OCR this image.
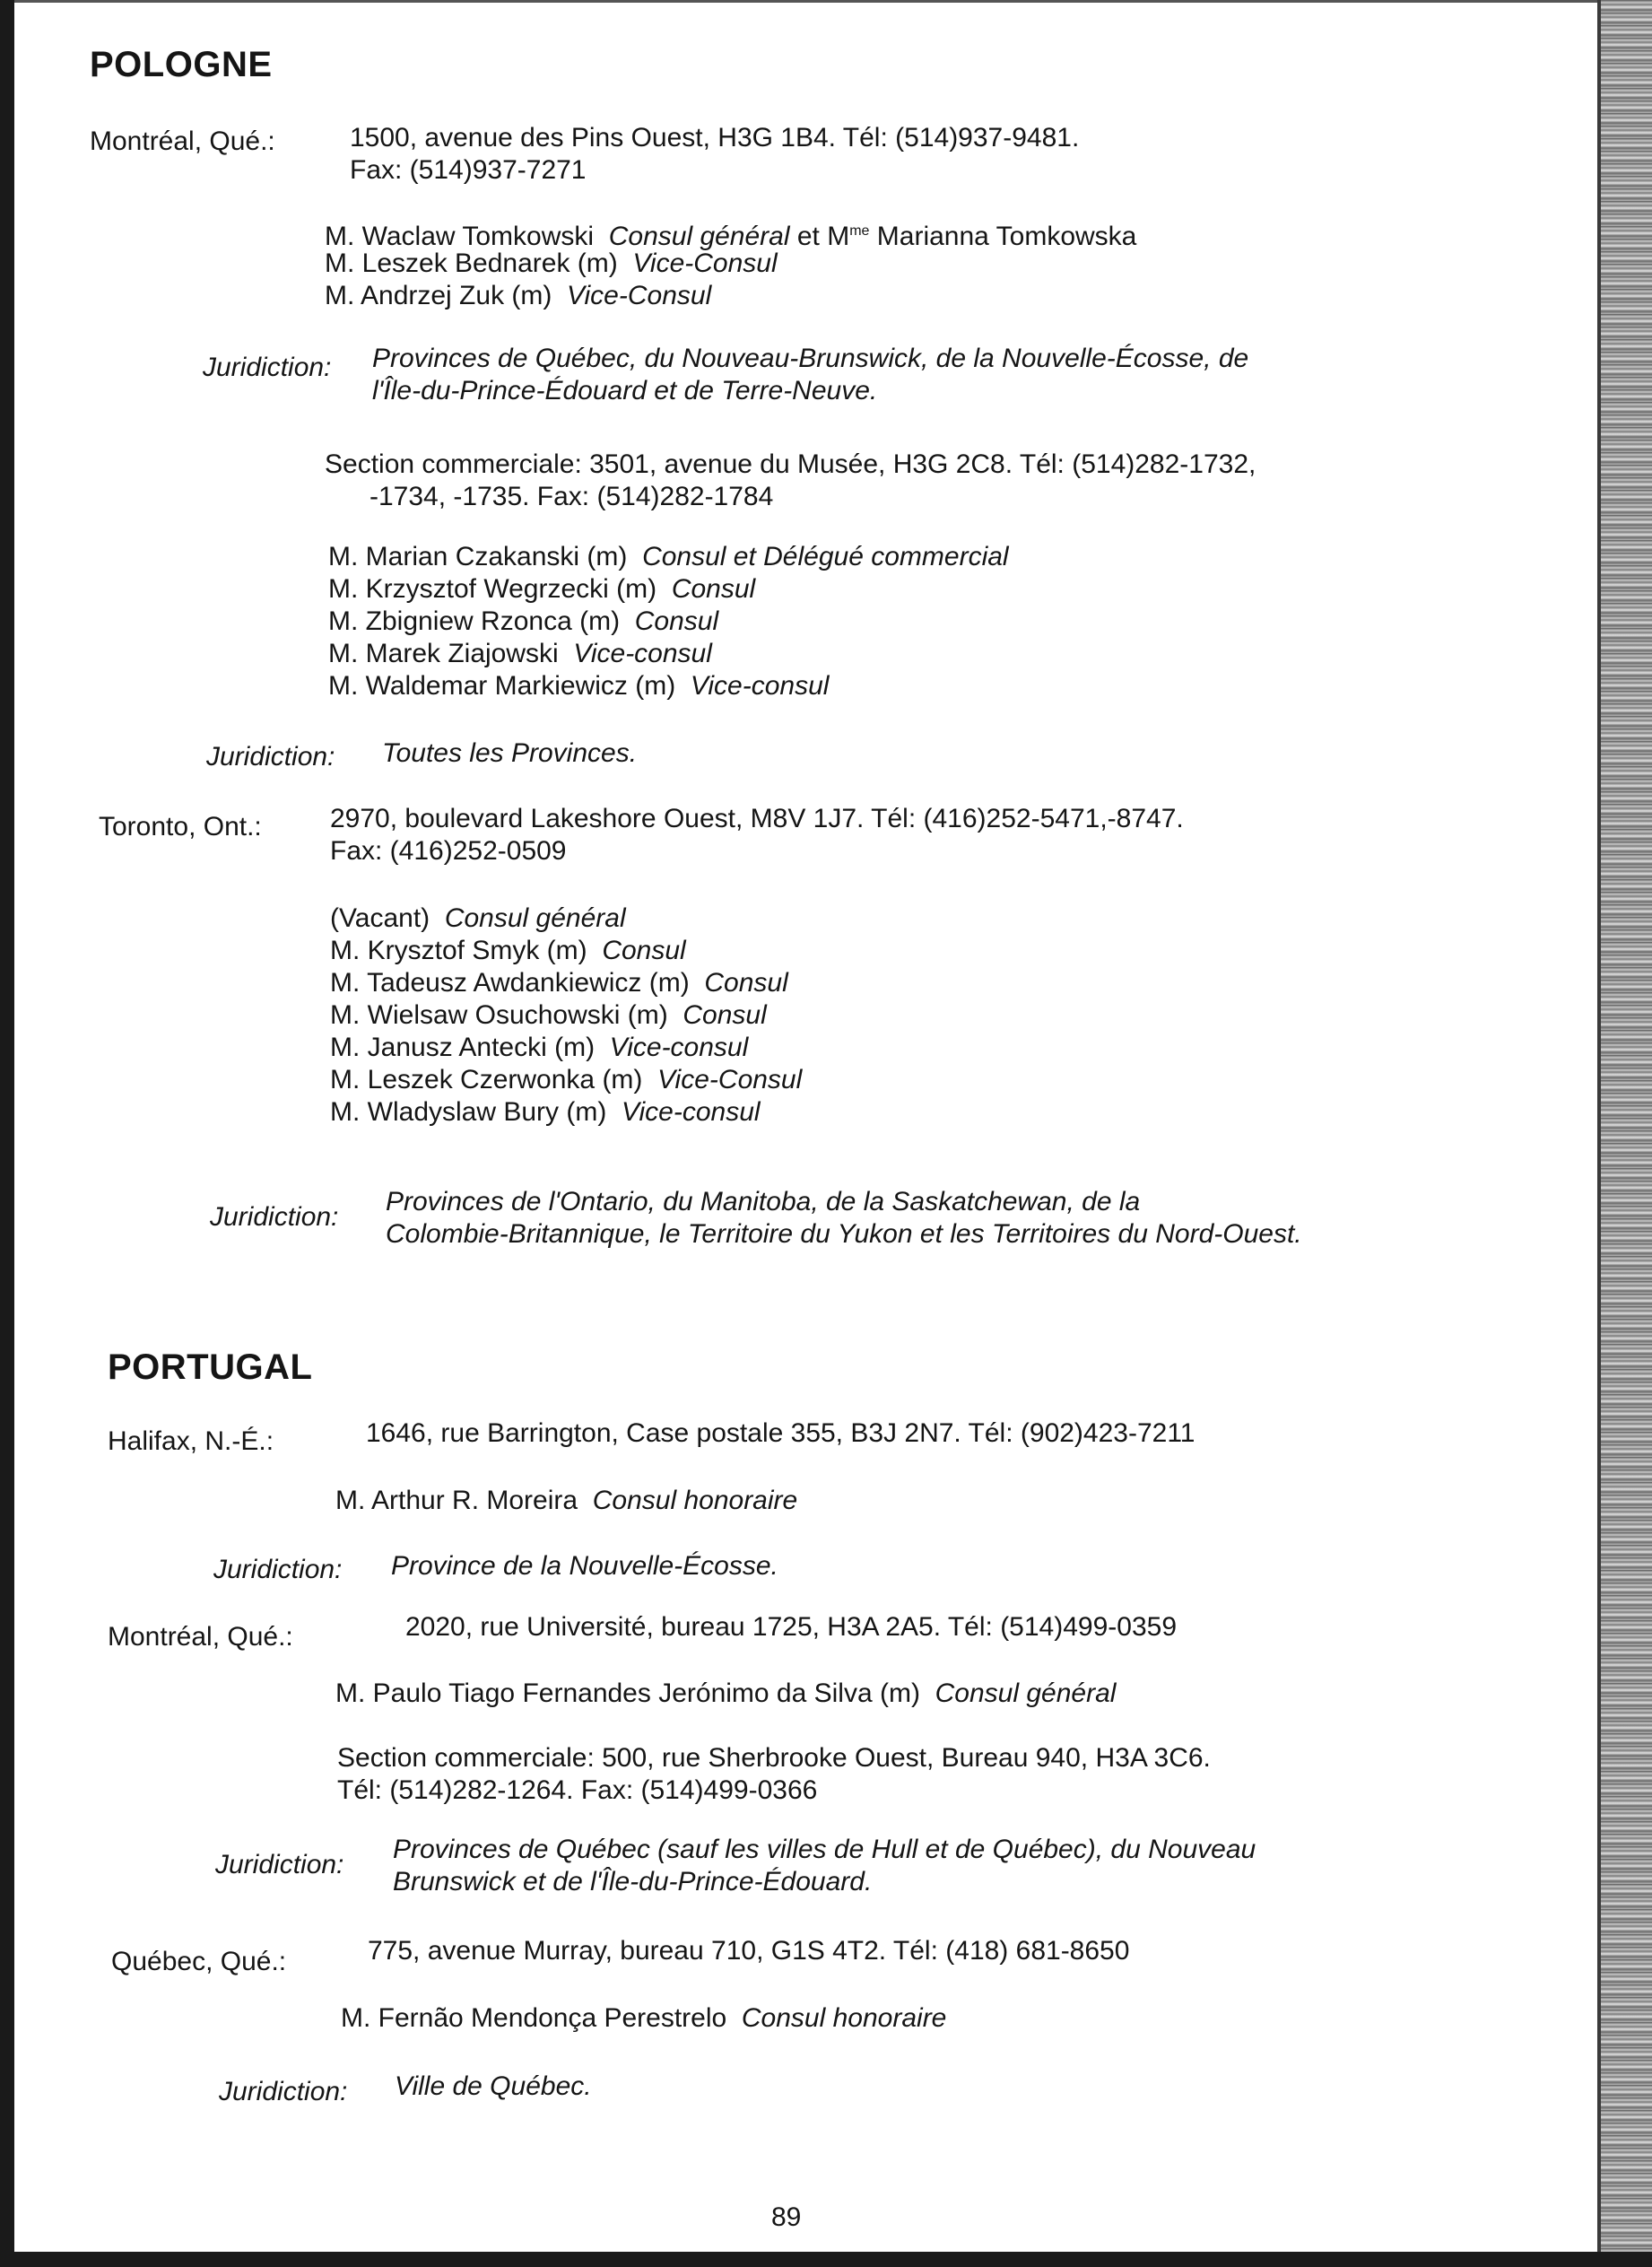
POLOGNE
Montréal, Qué.:	1500, avenue des Pins Ouest, H3G 1B4. Tél: (514)937-9481.
Fax: (514)937-7271
M. Waclaw Tomkowski Consul général et $M^{me}$ Marianna Tomkowska
M. Leszek Bednarek (m) Vice-Consul
M. Andrzej Zuk (m) Vice-Consul
Juridiction: Provinces de Québec, du Nouveau-Brunswick, de la Nouvelle-Écosse, de
l'Île-du-Prince-Édouard et de Terre-Neuve.
Section commerciale: 3501, avenue du Musée, H3G 2C8. Tél: (514)282-1732,
-1734, -1735. Fax: (514)282-1784
M. Marian Czakanski (m) Consul et Délégué commercial
M. Krzysztof Wegrzecki (m) Consul
M. Zbigniew Rzonca (m) Consul
M. Marek Ziajowski Vice-consul
M. Waldemar Markiewicz (m) Vice-consul
Juridiction: Toutes les Provinces.
Toronto, Ont.:	2970, boulevard Lakeshore Ouest, M8V 1J7. Tél: (416)252-5471,-8747.
Fax: (416)252-0509
(Vacant) Consul général
M. Krysztof Smyk (m) Consul
M. Tadeusz Awdankiewicz (m) Consul
M. Wielsaw Osuchowski (m) Consul
M. Janusz Antecki (m) Vice-consul
M. Leszek Czerwonka (m) Vice-Consul
M. Wladyslaw Bury (m) Vice-consul
Juridiction:
Provinces de l'Ontario, du Manitoba, de la Saskatchewan, de la
Colombie-Britannique, le Territoire du Yukon et les Territoires du Nord-Ouest.
PORTUGAL
Halifax, N.-É.:	1646, rue Barrington, Case postale 355, B3J 2N7. Tél: (902)423-7211
M. Arthur R. Moreira Consul honoraire
Juridiction: Province de la Nouvelle-Écosse.
Montréal, Qué.:	2020, rue Université, bureau 1725, H3A 2A5. Tél: (514)499-0359
M. Paulo Tiago Fernandes Jerónimo da Silva (m) Consul général
Section commerciale: 500, rue Sherbrooke Ouest, Bureau 940, H3A 3C6.
Tél: (514)282-1264. Fax: (514)499-0366
Juridiction:
Provinces de Québec (sauf les villes de Hull et de Québec), du Nouveau
Brunswick et de l'Île-du-Prince-Édouard.
Québec, Qué.:	775, avenue Murray, bureau 710, G1S 4T2. Tél: (418) 681-8650
M. Fernão Mendonça Perestrelo Consul honoraire
Juridiction: Ville de Québec.
89
